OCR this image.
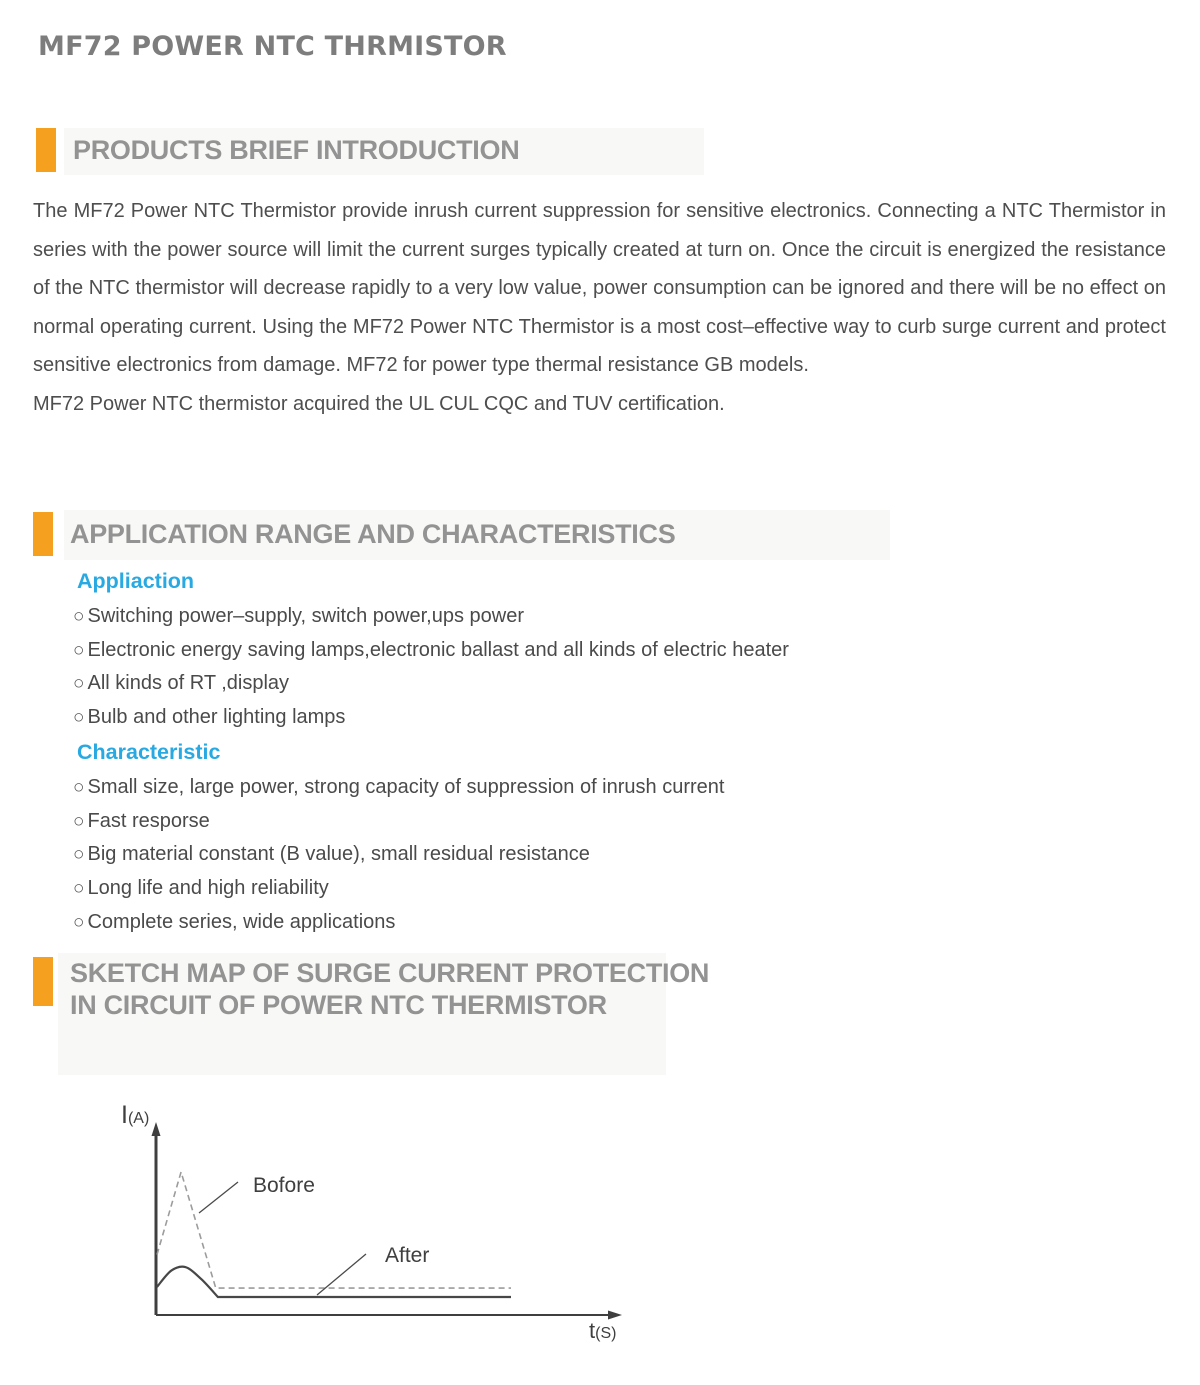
MF72 POWER NTC THRMISTOR
PRODUCTS BRIEF INTRODUCTION

The MF72 Power NTC Thermistor provide inrush current suppression for sensitive electronics. Connecting a NTC Thermistor in series with the power source will limit the current surges typically created at turn on. Once the circuit is energized the resistance of the NTC thermistor will decrease rapidly to a very low value, power consumption can be ignored and there will be no effect on normal operating current. Using the MF72 Power NTC Thermistor is a most cost–effective way to curb surge current and protect sensitive electronics from damage. MF72 for power type thermal resistance GB models.

MF72 Power NTC thermistor acquired the UL CUL CQC and TUV certification.

APPLICATION RANGE AND CHARACTERISTICS

Appliaction

○ Switching power–supply, switch power,ups power
○ Electronic energy saving lamps,electronic ballast and all kinds of electric heater
○ All kinds of RT ,display
○ Bulb and other lighting lamps

Characteristic

○ Small size, large power, strong capacity of suppression of inrush current
○ Fast resporse
○ Big material constant (B value), small residual resistance
○ Long life and high reliability
○ Complete series, wide applications
SKETCH MAP OF SURGE CURRENT PROTECTION
IN CIRCUIT OF POWER NTC THERMISTOR
Bofore
After
I(A)
t(S)
